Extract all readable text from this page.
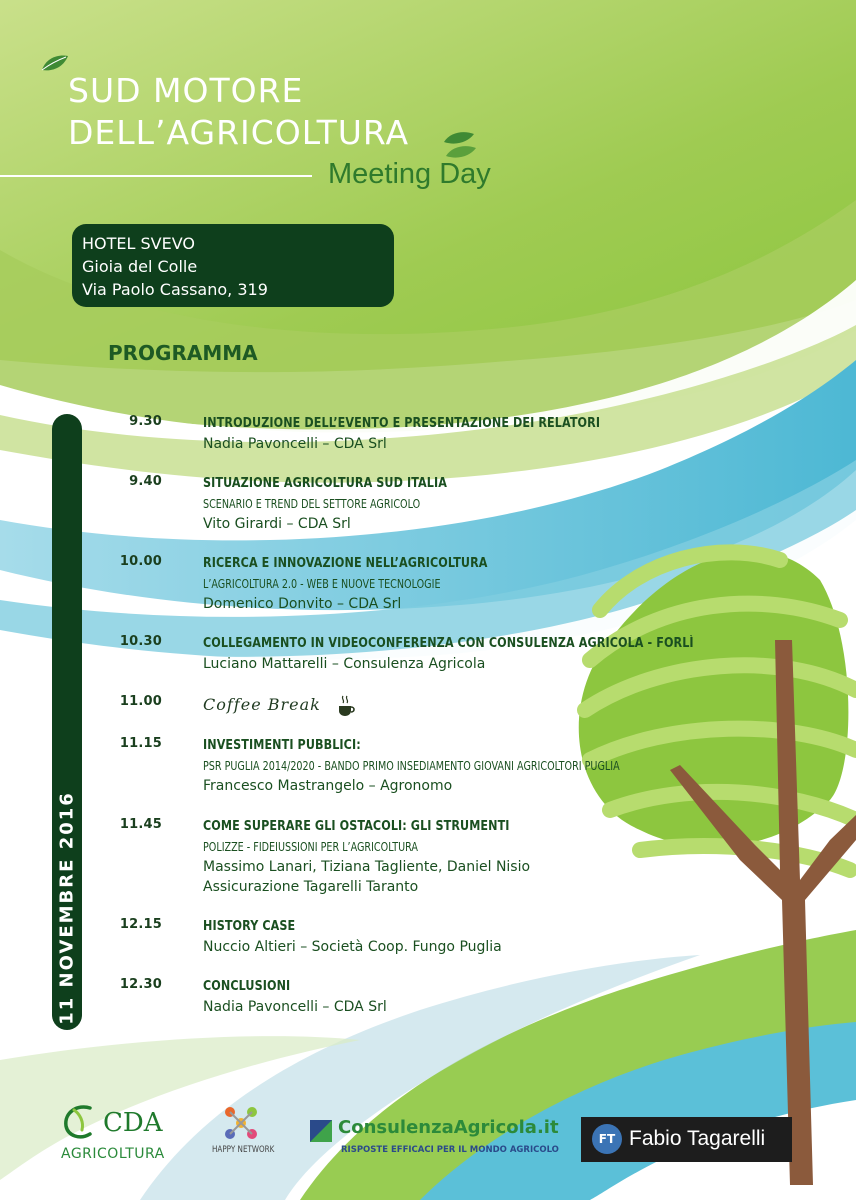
SUD MOTORE
DELL’AGRICOLTURA
Meeting Day
HOTEL SVEVO
Gioia del Colle
Via Paolo Cassano, 319
PROGRAMMA
11 NOVEMBRE 2016
9.30	INTRODUZIONE DELL’EVENTO E PRESENTAZIONE DEI RELATORI
Nadia Pavoncelli – CDA Srl
9.40	SITUAZIONE AGRICOLTURA SUD ITALIA
SCENARIO E TREND DEL SETTORE AGRICOLO
Vito Girardi – CDA Srl
10.00	RICERCA E INNOVAZIONE NELL’AGRICOLTURA
L’AGRICOLTURA 2.0 - WEB E NUOVE TECNOLOGIE
Domenico Donvito – CDA Srl
10.30	COLLEGAMENTO IN VIDEOCONFERENZA CON CONSULENZA AGRICOLA - FORLÌ
Luciano Mattarelli – Consulenza Agricola
11.00	Coffee Break
11.15	INVESTIMENTI PUBBLICI:
PSR PUGLIA 2014/2020 - BANDO PRIMO INSEDIAMENTO GIOVANI AGRICOLTORI PUGLIA
Francesco Mastrangelo – Agronomo
11.45	COME SUPERARE GLI OSTACOLI: GLI STRUMENTI
POLIZZE - FIDEIUSSIONI PER L’AGRICOLTURA
Massimo Lanari, Tiziana Tagliente, Daniel Nisio
Assicurazione Tagarelli Taranto
12.15	HISTORY CASE
Nuccio Altieri – Società Coop. Fungo Puglia
12.30	CONCLUSIONI
Nadia Pavoncelli – CDA Srl
CDA
AGRICOLTURA	HAPPY NETWORK
ConsulenzaAgricola.it
RISPOSTE EFFICACI PER IL MONDO AGRICOLO
FT Fabio Tagarelli
